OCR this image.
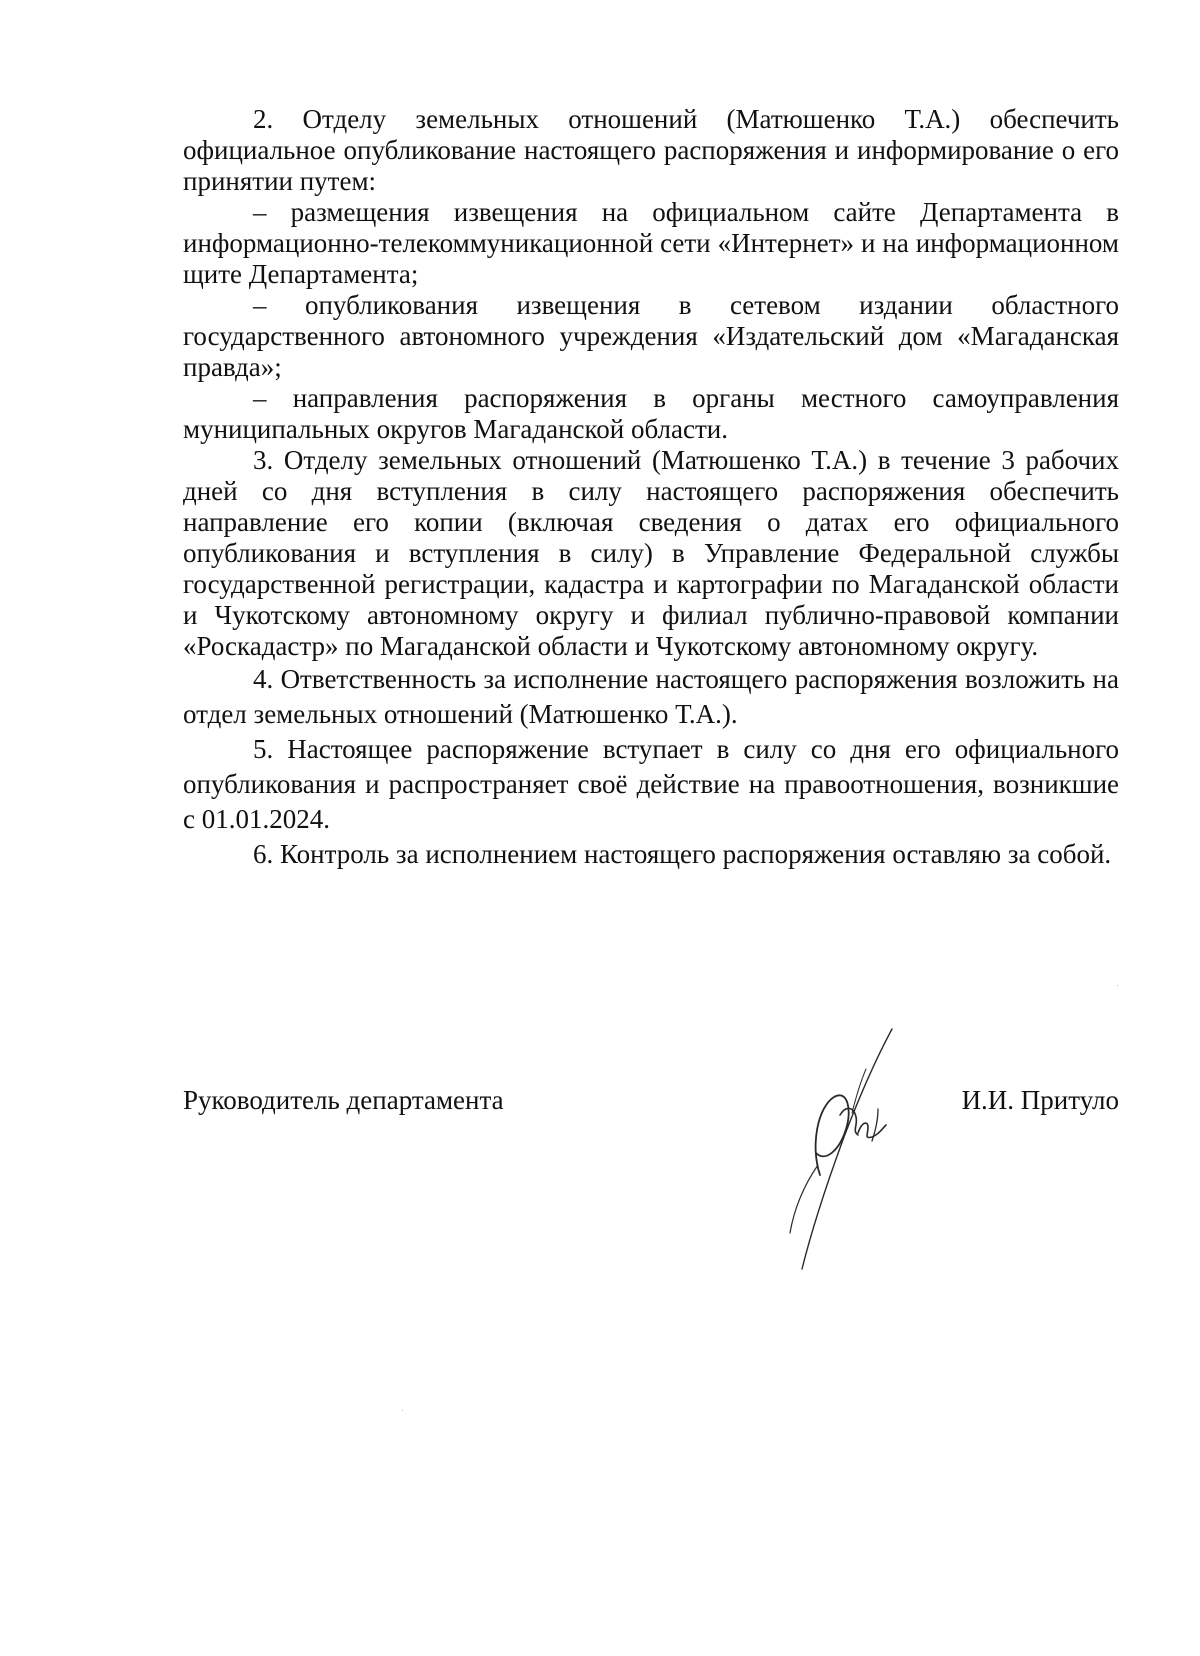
2. Отделу земельных отношений (Матюшенко Т.А.) обеспечить официальное опубликование настоящего распоряжения и информирование о его принятии путем:

– размещения извещения на официальном сайте Департамента в информационно-телекоммуникационной сети «Интернет» и на информационном щите Департамента;

– опубликования извещения в сетевом издании областного государственного автономного учреждения «Издательский дом «Магаданская правда»;

– направления распоряжения в органы местного самоуправления муниципальных округов Магаданской области.

3. Отделу земельных отношений (Матюшенко Т.А.) в течение 3 рабочих дней со дня вступления в силу настоящего распоряжения обеспечить направление его копии (включая сведения о датах его официального опубликования и вступления в силу) в Управление Федеральной службы государственной регистрации, кадастра и картографии по Магаданской области и Чукотскому автономному округу и филиал публично-правовой компании «Роскадастр» по Магаданской области и Чукотскому автономному округу.

4. Ответственность за исполнение настоящего распоряжения возложить на отдел земельных отношений (Матюшенко Т.А.).

5. Настоящее распоряжение вступает в силу со дня его официального опубликования и распространяет своё действие на правоотношения, возникшие с 01.01.2024.

6. Контроль за исполнением настоящего распоряжения оставляю за собой.

Руководитель департамента	И.И. Притуло
